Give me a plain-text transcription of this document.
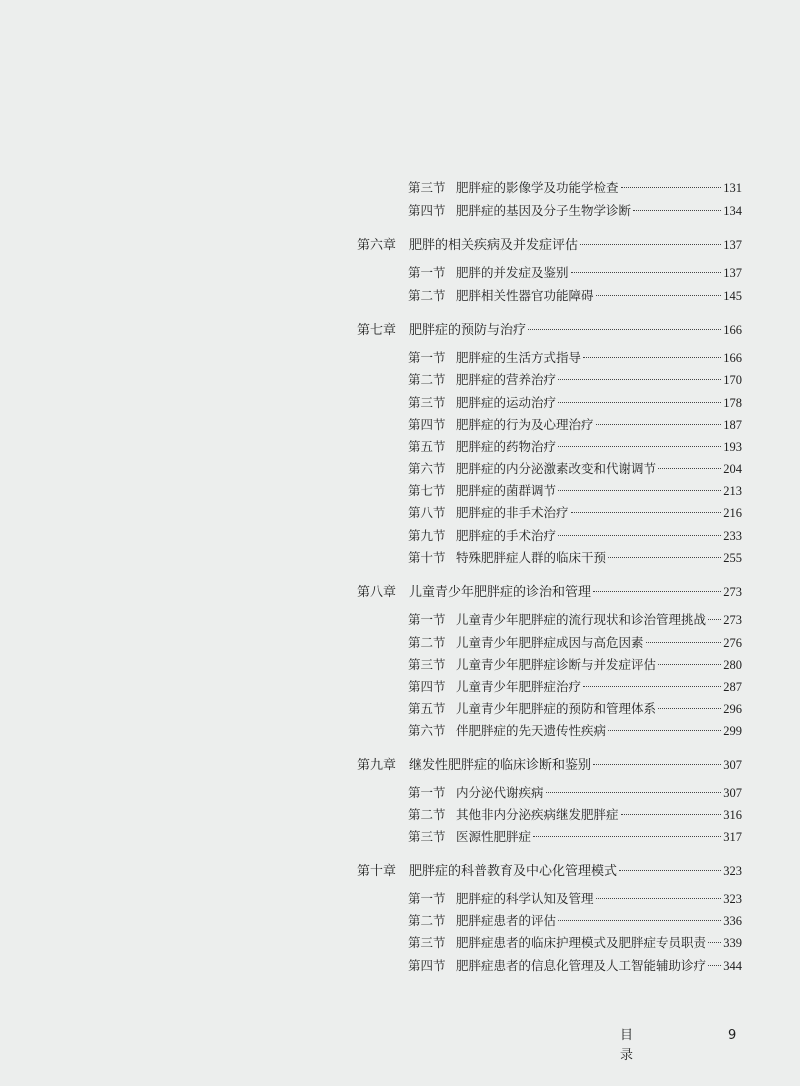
第三节 肥胖症的影像学及功能学检查	131
第四节 肥胖症的基因及分子生物学诊断	134
第六章 肥胖的相关疾病及并发症评估	137
第一节 肥胖的并发症及鉴别	137
第二节 肥胖相关性器官功能障碍	145
第七章 肥胖症的预防与治疗	166
第一节 肥胖症的生活方式指导	166
第二节 肥胖症的营养治疗	170
第三节 肥胖症的运动治疗	178
第四节 肥胖症的行为及心理治疗	187
第五节 肥胖症的药物治疗	193
第六节 肥胖症的内分泌激素改变和代谢调节	204
第七节 肥胖症的菌群调节	213
第八节 肥胖症的非手术治疗	216
第九节 肥胖症的手术治疗	233
第十节 特殊肥胖症人群的临床干预	255
第八章 儿童青少年肥胖症的诊治和管理	273
第一节 儿童青少年肥胖症的流行现状和诊治管理挑战 273
第二节 儿童青少年肥胖症成因与高危因素	276
第三节 儿童青少年肥胖症诊断与并发症评估	280
第四节 儿童青少年肥胖症治疗	287
第五节 儿童青少年肥胖症的预防和管理体系	296
第六节 伴肥胖症的先天遗传性疾病	299
第九章 继发性肥胖症的临床诊断和鉴别	307
第一节 内分泌代谢疾病	307
第二节 其他非内分泌疾病继发肥胖症	316
第三节 医源性肥胖症	317
第十章 肥胖症的科普教育及中心化管理模式	323
第一节 肥胖症的科学认知及管理	323
第二节 肥胖症患者的评估	336
第三节 肥胖症患者的临床护理模式及肥胖症专员职责 339
第四节 肥胖症患者的信息化管理及人工智能辅助诊疗 344
目录
9
